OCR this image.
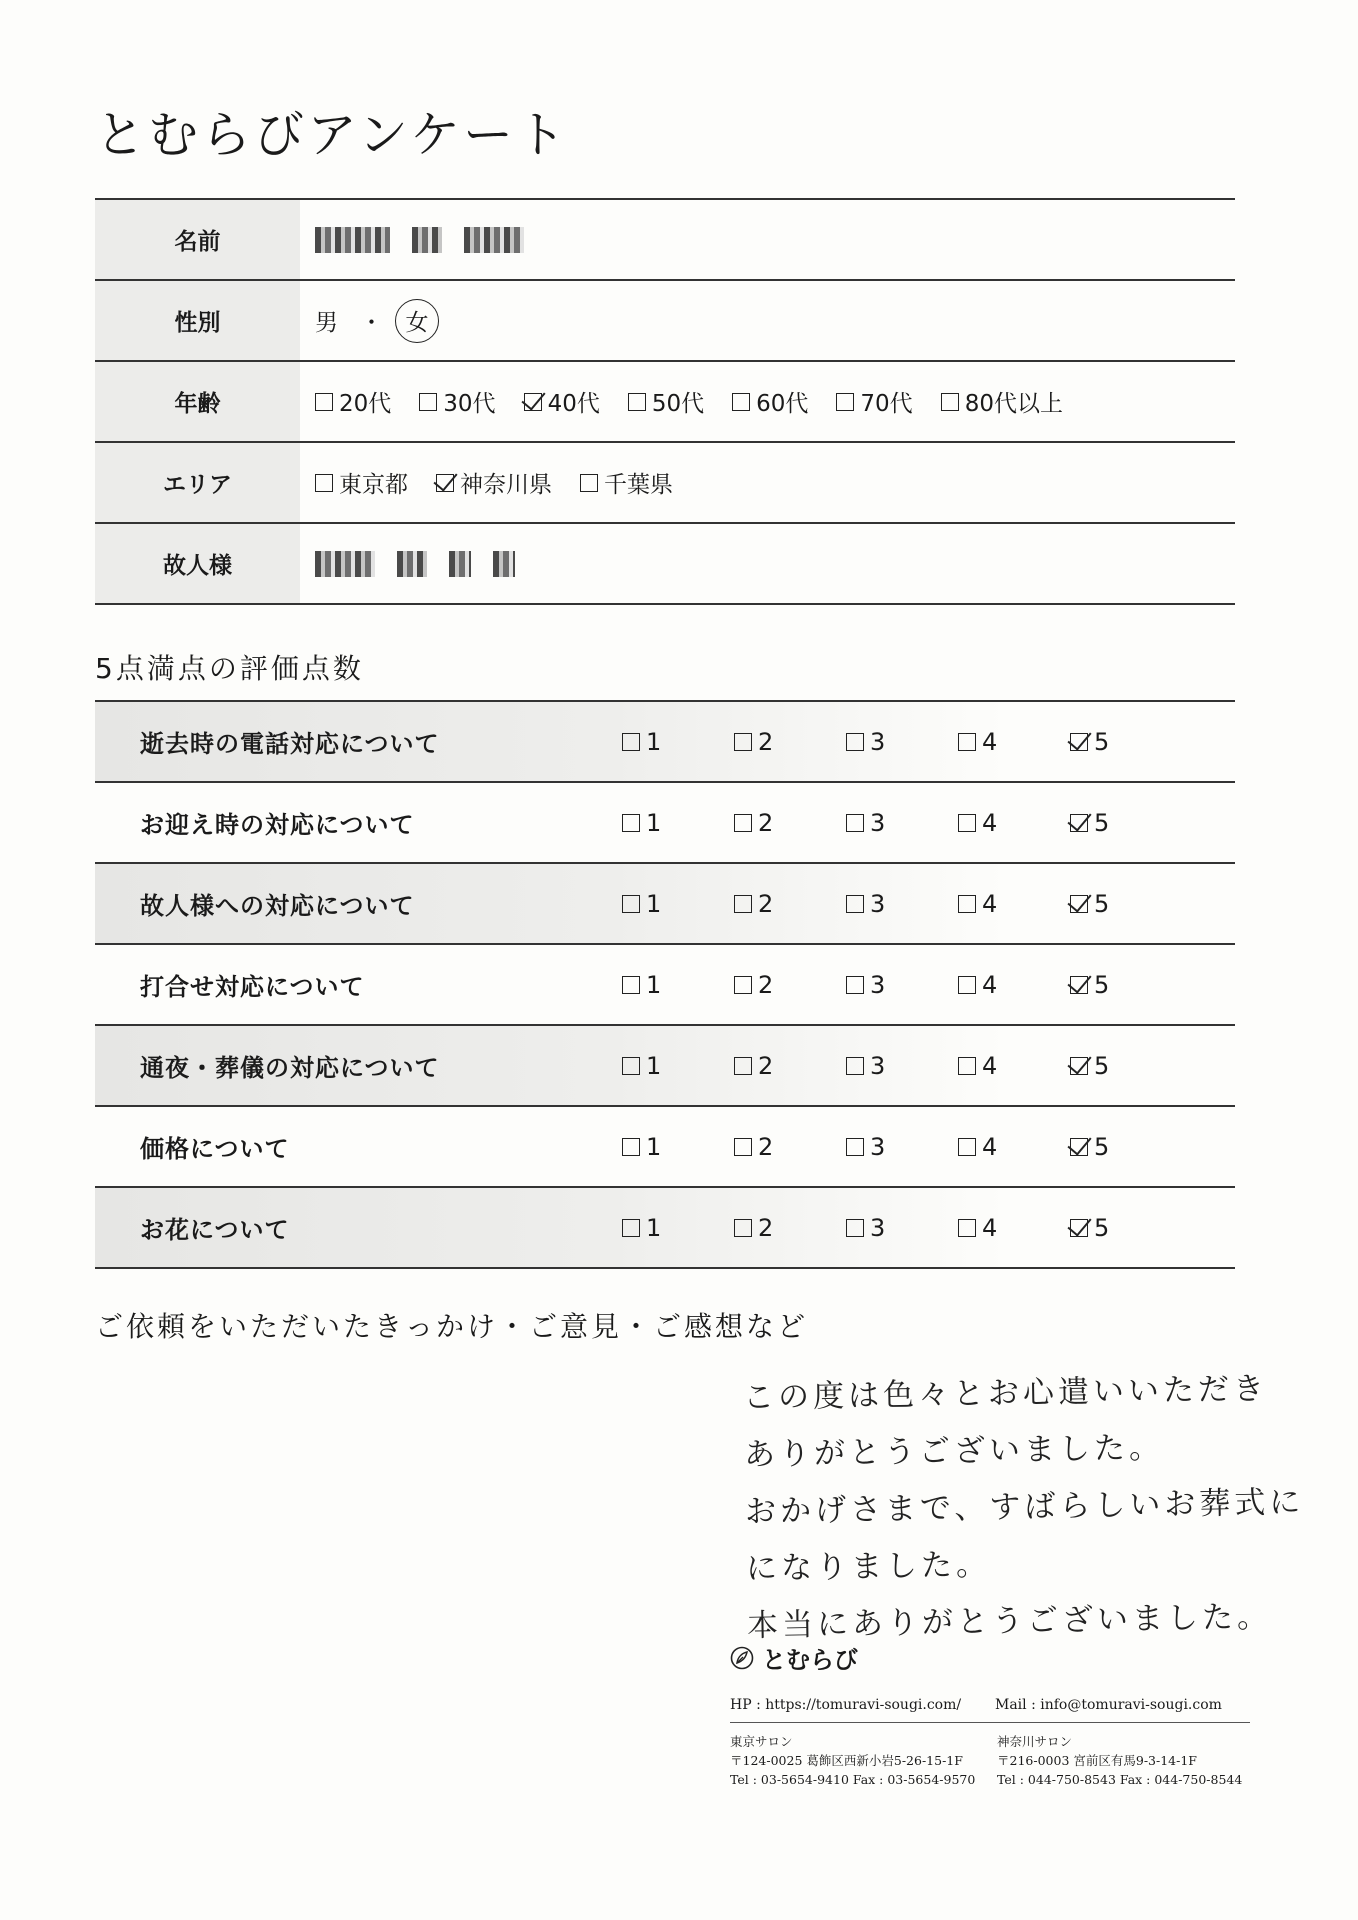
とむらびアンケート
名前
性別	男 ・ 女
年齢	20代 30代 40代 50代 60代 70代 80代以上
エリア	東京都 神奈川県 千葉県
故人様
5点満点の評価点数
逝去時の電話対応について	1	2	3	4	5
お迎え時の対応について	1	2	3	4	5
故人様への対応について	1	2	3	4	5
打合せ対応について	1	2	3	4	5
通夜・葬儀の対応について	1	2	3	4	5
価格について	1	2	3	4	5
お花について	1	2	3	4	5
ご依頼をいただいたきっかけ・ご意見・ご感想など
この度は色々とお心遣いいただき
ありがとうございました。
おかげさまで、すばらしいお葬式に
になりました。
本当にありがとうございました。
とむらび
HP : https://tomuravi-sougi.com/ Mail : info@tomuravi-sougi.com
東京サロン
〒124-0025 葛飾区西新小岩5-26-15-1F
Tel : 03-5654-9410 Fax : 03-5654-9570
神奈川サロン
〒216-0003 宮前区有馬9-3-14-1F
Tel : 044-750-8543 Fax : 044-750-8544
